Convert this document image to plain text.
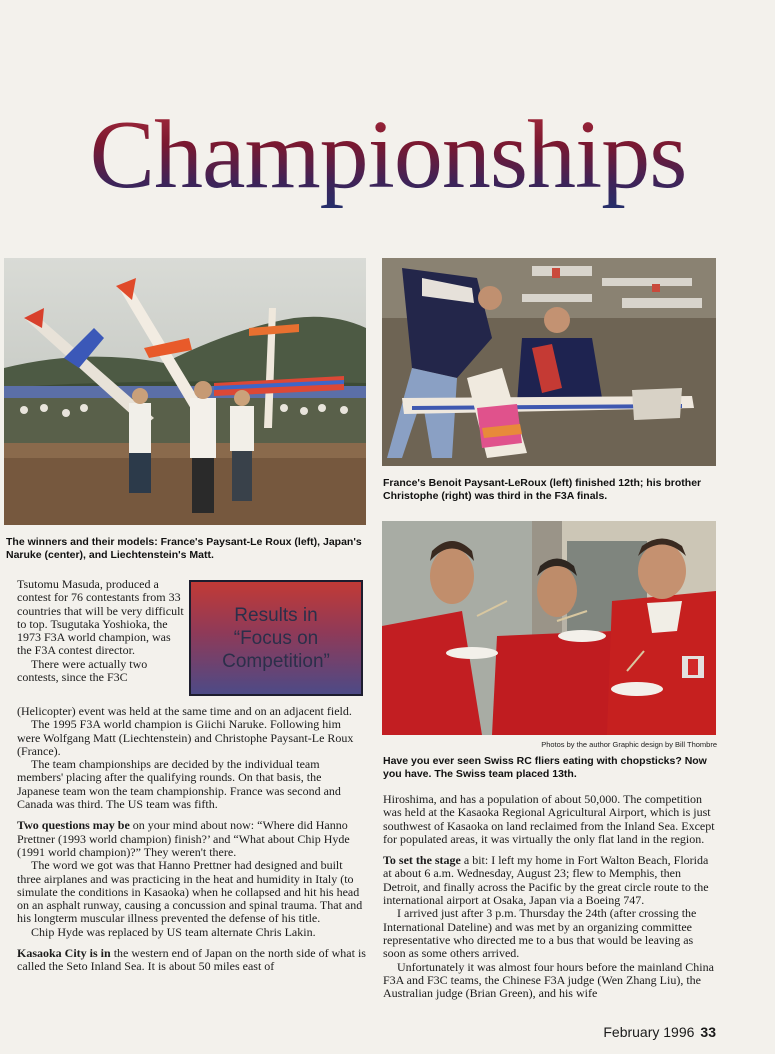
Championships
The winners and their models: France's Paysant-Le Roux (left), Japan's Naruke (center), and Liechtenstein's Matt.
France's Benoit Paysant-LeRoux (left) finished 12th; his brother Christophe (right) was third in the F3A finals.
Photos by the author Graphic design by Bill Thombre
Have you ever seen Swiss RC fliers eating with chopsticks? Now you have. The Swiss team placed 13th.
Results in
“Focus on
Competition”

Tsutomu Masuda, produced a contest for 76 contestants from 33 countries that will be very difficult to top. Tsugutaka Yoshioka, the 1973 F3A world champion, was the F3A contest director.

There were actually two contests, since the F3C

(Helicopter) event was held at the same time and on an adjacent field.

The 1995 F3A world champion is Giichi Naruke. Following him were Wolfgang Matt (Liechtenstein) and Christophe Paysant-Le Roux (France).

The team championships are decided by the individual team members' placing after the qualifying rounds. On that basis, the Japanese team won the team championship. France was second and Canada was third. The US team was fifth.

Two questions may be on your mind about now: “Where did Hanno Prettner (1993 world champion) finish?’ and “What about Chip Hyde (1991 world champion)?” They weren't there.

The word we got was that Hanno Prettner had designed and built three airplanes and was practicing in the heat and humidity in Italy (to simulate the conditions in Kasaoka) when he collapsed and hit his head on an asphalt runway, causing a concussion and spinal trauma. That and his longterm muscular illness prevented the defense of his title.

Chip Hyde was replaced by US team alternate Chris Lakin.

Kasaoka City is in the western end of Japan on the north side of what is called the Seto Inland Sea. It is about 50 miles east of

Hiroshima, and has a population of about 50,000. The competition was held at the Kasaoka Regional Agricultural Airport, which is just southwest of Kasaoka on land reclaimed from the Inland Sea. Except for populated areas, it was virtually the only flat land in the region.

To set the stage a bit: I left my home in Fort Walton Beach, Florida at about 6 a.m. Wednesday, August 23; flew to Memphis, then Detroit, and finally across the Pacific by the great circle route to the international airport at Osaka, Japan via a Boeing 747.

I arrived just after 3 p.m. Thursday the 24th (after crossing the International Dateline) and was met by an organizing committee representative who directed me to a bus that would be leaving as soon as some others arrived.

Unfortunately it was almost four hours before the mainland China F3A and F3C teams, the Chinese F3A judge (Wen Zhang Liu), the Australian judge (Brian Green), and his wife

February 1996 33
